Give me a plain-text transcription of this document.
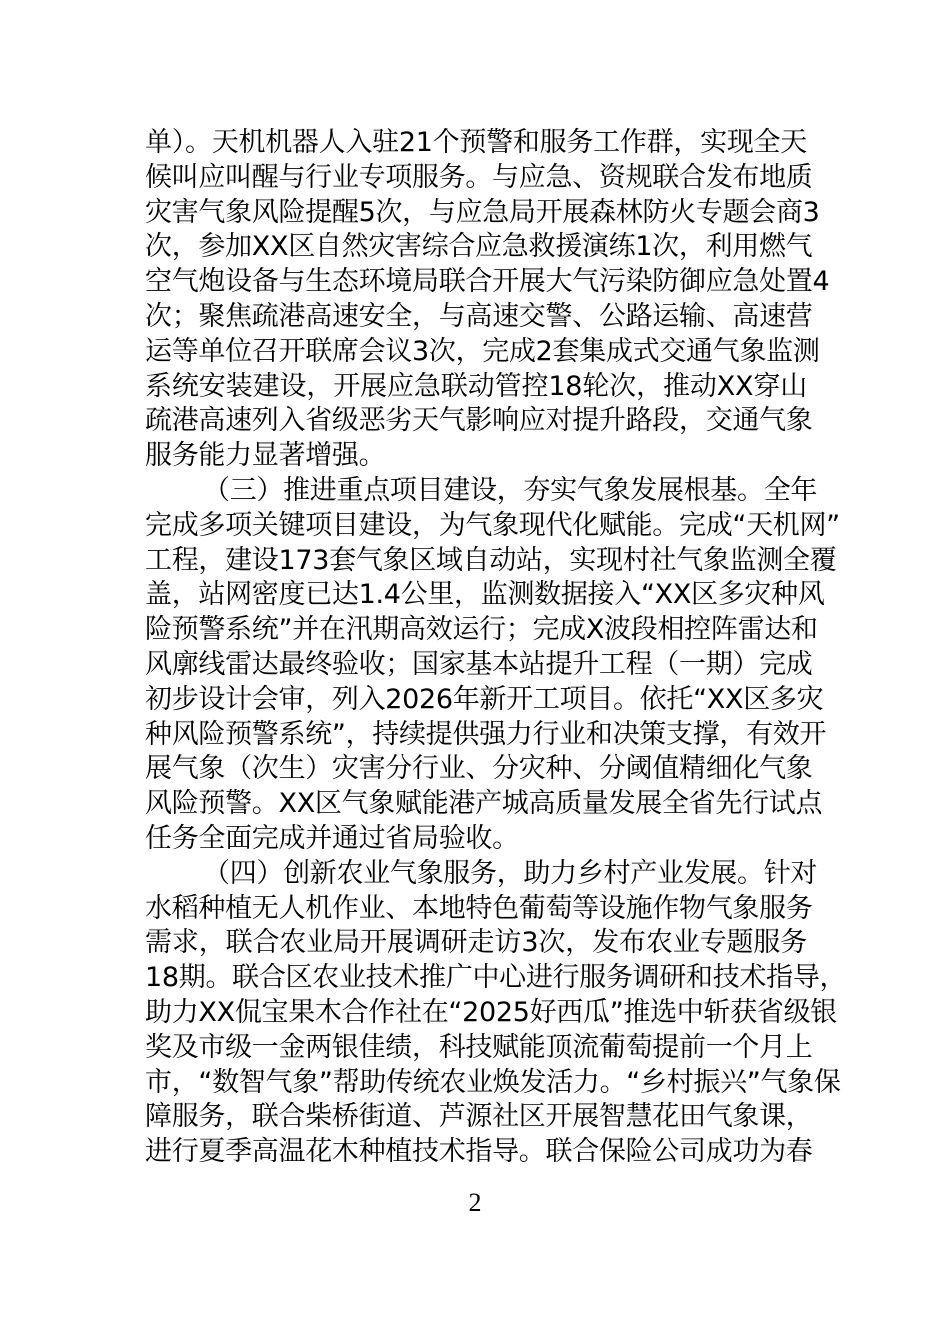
单）。天机机器人入驻21个预警和服务工作群，实现全天
候叫应叫醒与行业专项服务。与应急、资规联合发布地质
灾害气象风险提醒5次，与应急局开展森林防火专题会商3
次，参加XX区自然灾害综合应急救援演练1次，利用燃气
空气炮设备与生态环境局联合开展大气污染防御应急处置4
次；聚焦疏港高速安全，与高速交警、公路运输、高速营
运等单位召开联席会议3次，完成2套集成式交通气象监测
系统安装建设，开展应急联动管控18轮次，推动XX穿山
疏港高速列入省级恶劣天气影响应对提升路段，交通气象
服务能力显著增强。
（三）推进重点项目建设，夯实气象发展根基。全年
完成多项关键项目建设，为气象现代化赋能。完成“天机网”
工程，建设173套气象区域自动站，实现村社气象监测全覆
盖，站网密度已达1.4公里，监测数据接入“XX区多灾种风
险预警系统”并在汛期高效运行；完成X波段相控阵雷达和
风廓线雷达最终验收；国家基本站提升工程（一期）完成
初步设计会审，列入2026年新开工项目。依托“XX区多灾
种风险预警系统”，持续提供强力行业和决策支撑，有效开
展气象（次生）灾害分行业、分灾种、分阈值精细化气象
风险预警。XX区气象赋能港产城高质量发展全省先行试点
任务全面完成并通过省局验收。
（四）创新农业气象服务，助力乡村产业发展。针对
水稻种植无人机作业、本地特色葡萄等设施作物气象服务
需求，联合农业局开展调研走访3次，发布农业专题服务
18期。联合区农业技术推广中心进行服务调研和技术指导，
助力XX侃宝果木合作社在“2025好西瓜”推选中斩获省级银
奖及市级一金两银佳绩，科技赋能顶流葡萄提前一个月上
市，“数智气象”帮助传统农业焕发活力。“乡村振兴”气象保
障服务，联合柴桥街道、芦源社区开展智慧花田气象课，
进行夏季高温花木种植技术指导。联合保险公司成功为春
2
